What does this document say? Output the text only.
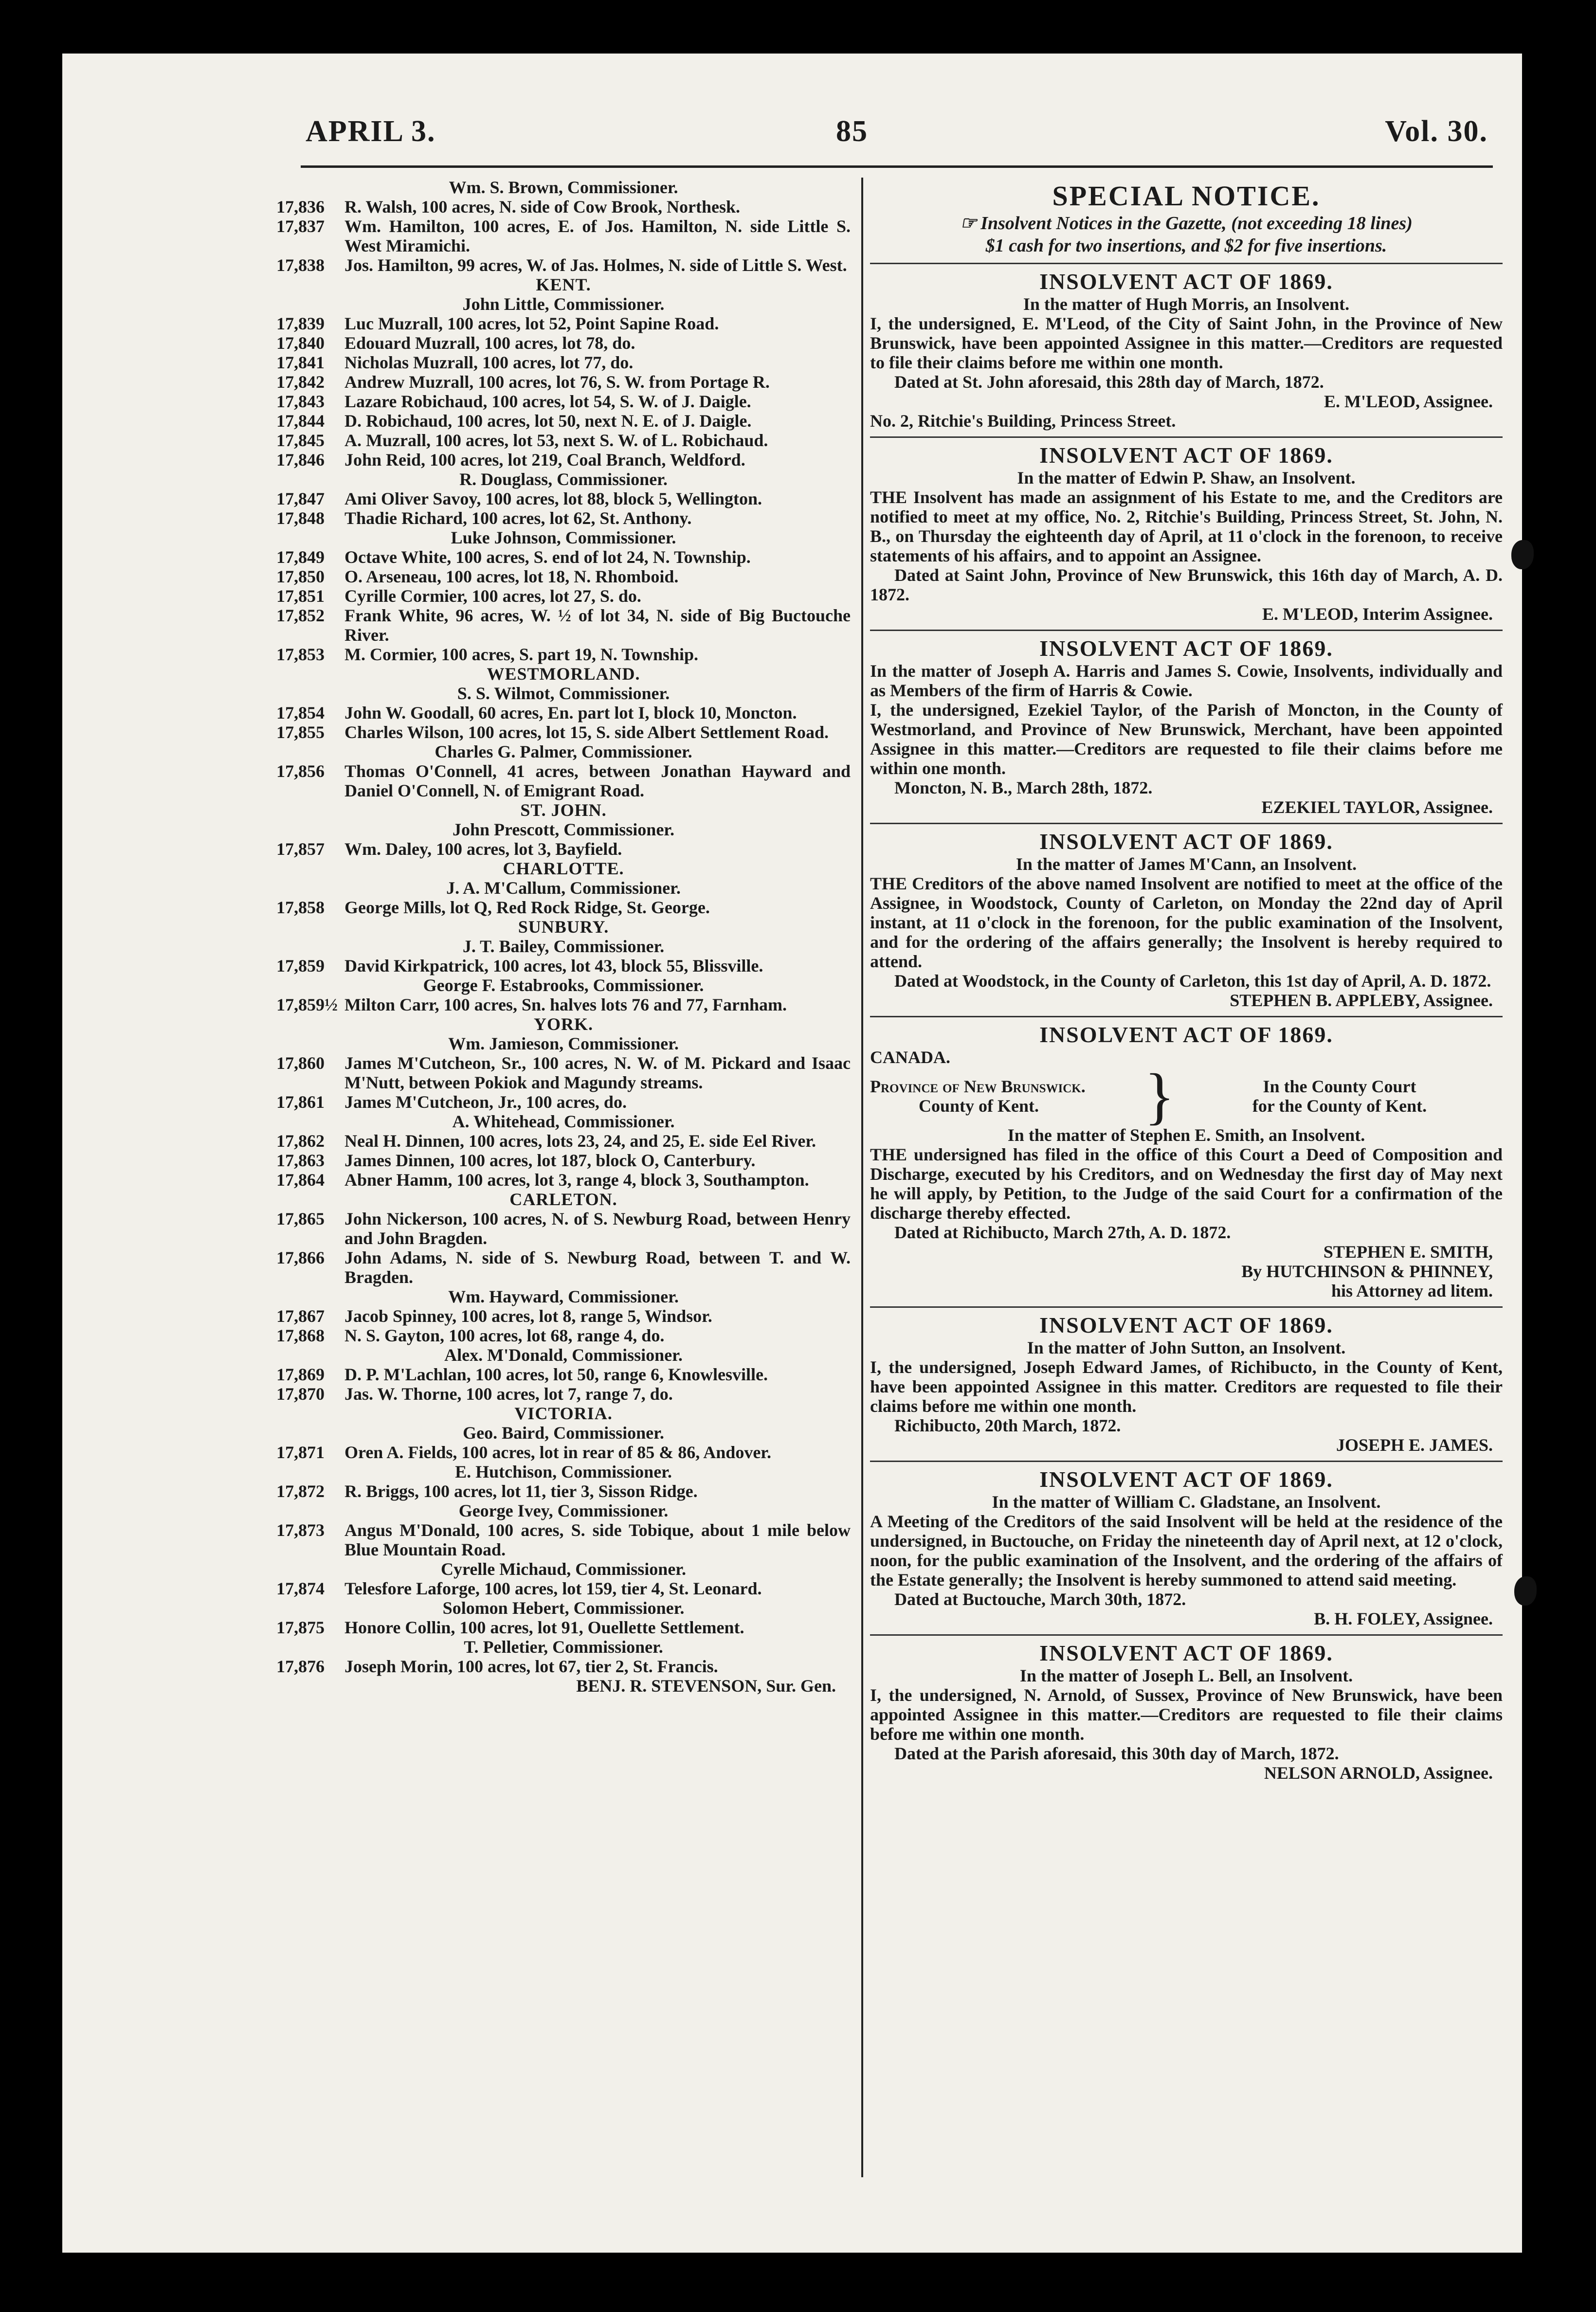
APRIL 3.	85	Vol. 30.
Wm. S. Brown, Commissioner.
17,836	R. Walsh, 100 acres, N. side of Cow Brook, Northesk.
17,837	Wm. Hamilton, 100 acres, E. of Jos. Hamilton, N. side Little S. West Miramichi.
17,838	Jos. Hamilton, 99 acres, W. of Jas. Holmes, N. side of Little S. West.
KENT.
John Little, Commissioner.
17,839	Luc Muzrall, 100 acres, lot 52, Point Sapine Road.
17,840	Edouard Muzrall, 100 acres, lot 78, do.
17,841	Nicholas Muzrall, 100 acres, lot 77, do.
17,842	Andrew Muzrall, 100 acres, lot 76, S. W. from Portage R.
17,843	Lazare Robichaud, 100 acres, lot 54, S. W. of J. Daigle.
17,844	D. Robichaud, 100 acres, lot 50, next N. E. of J. Daigle.
17,845	A. Muzrall, 100 acres, lot 53, next S. W. of L. Robichaud.
17,846	John Reid, 100 acres, lot 219, Coal Branch, Weldford.
R. Douglass, Commissioner.
17,847	Ami Oliver Savoy, 100 acres, lot 88, block 5, Wellington.
17,848	Thadie Richard, 100 acres, lot 62, St. Anthony.
Luke Johnson, Commissioner.
17,849	Octave White, 100 acres, S. end of lot 24, N. Township.
17,850	O. Arseneau, 100 acres, lot 18, N. Rhomboid.
17,851	Cyrille Cormier, 100 acres, lot 27, S. do.
17,852	Frank White, 96 acres, W. ½ of lot 34, N. side of Big Buctouche River.
17,853	M. Cormier, 100 acres, S. part 19, N. Township.
WESTMORLAND.
S. S. Wilmot, Commissioner.
17,854	John W. Goodall, 60 acres, En. part lot I, block 10, Moncton.
17,855	Charles Wilson, 100 acres, lot 15, S. side Albert Settlement Road.
Charles G. Palmer, Commissioner.
17,856	Thomas O'Connell, 41 acres, between Jonathan Hayward and Daniel O'Connell, N. of Emigrant Road.
ST. JOHN.
John Prescott, Commissioner.
17,857	Wm. Daley, 100 acres, lot 3, Bayfield.
CHARLOTTE.
J. A. M'Callum, Commissioner.
17,858	George Mills, lot Q, Red Rock Ridge, St. George.
SUNBURY.
J. T. Bailey, Commissioner.
17,859	David Kirkpatrick, 100 acres, lot 43, block 55, Blissville.
George F. Estabrooks, Commissioner.
17,859½ Milton Carr, 100 acres, Sn. halves lots 76 and 77, Farnham.
YORK.
Wm. Jamieson, Commissioner.
17,860	James M'Cutcheon, Sr., 100 acres, N. W. of M. Pickard and Isaac M'Nutt, between Pokiok and Magundy streams.
17,861	James M'Cutcheon, Jr., 100 acres, do.
A. Whitehead, Commissioner.
17,862	Neal H. Dinnen, 100 acres, lots 23, 24, and 25, E. side Eel River.
17,863	James Dinnen, 100 acres, lot 187, block O, Canterbury.
17,864	Abner Hamm, 100 acres, lot 3, range 4, block 3, Southampton.
CARLETON.
17,865	John Nickerson, 100 acres, N. of S. Newburg Road, between Henry and John Bragden.
17,866	John Adams, N. side of S. Newburg Road, between T. and W. Bragden.
Wm. Hayward, Commissioner.
17,867	Jacob Spinney, 100 acres, lot 8, range 5, Windsor.
17,868	N. S. Gayton, 100 acres, lot 68, range 4, do.
Alex. M'Donald, Commissioner.
17,869	D. P. M'Lachlan, 100 acres, lot 50, range 6, Knowlesville.
17,870	Jas. W. Thorne, 100 acres, lot 7, range 7, do.
VICTORIA.
Geo. Baird, Commissioner.
17,871	Oren A. Fields, 100 acres, lot in rear of 85 & 86, Andover.
E. Hutchison, Commissioner.
17,872	R. Briggs, 100 acres, lot 11, tier 3, Sisson Ridge.
George Ivey, Commissioner.
17,873	Angus M'Donald, 100 acres, S. side Tobique, about 1 mile below Blue Mountain Road.
Cyrelle Michaud, Commissioner.
17,874	Telesfore Laforge, 100 acres, lot 159, tier 4, St. Leonard.
Solomon Hebert, Commissioner.
17,875	Honore Collin, 100 acres, lot 91, Ouellette Settlement.
T. Pelletier, Commissioner.
17,876	Joseph Morin, 100 acres, lot 67, tier 2, St. Francis.
BENJ. R. STEVENSON, Sur. Gen.
SPECIAL NOTICE.
☞ Insolvent Notices in the Gazette, (not exceeding 18 lines)
$1 cash for two insertions, and $2 for five insertions.
INSOLVENT ACT OF 1869.
In the matter of Hugh Morris, an Insolvent.
I, the undersigned, E. M'Leod, of the City of Saint John, in the Province of New Brunswick, have been appointed Assignee in this matter.—Creditors are requested to file their claims before me within one month.
Dated at St. John aforesaid, this 28th day of March, 1872.
E. M'LEOD, Assignee.
No. 2, Ritchie's Building, Princess Street.
INSOLVENT ACT OF 1869.
In the matter of Edwin P. Shaw, an Insolvent.
THE Insolvent has made an assignment of his Estate to me, and the Creditors are notified to meet at my office, No. 2, Ritchie's Building, Princess Street, St. John, N. B., on Thursday the eighteenth day of April, at 11 o'clock in the forenoon, to receive statements of his affairs, and to appoint an Assignee.
Dated at Saint John, Province of New Brunswick, this 16th day of March, A. D. 1872.
E. M'LEOD, Interim Assignee.
INSOLVENT ACT OF 1869.
In the matter of Joseph A. Harris and James S. Cowie, Insolvents, individually and as Members of the firm of Harris & Cowie.
I, the undersigned, Ezekiel Taylor, of the Parish of Moncton, in the County of Westmorland, and Province of New Brunswick, Merchant, have been appointed Assignee in this matter.—Creditors are requested to file their claims before me within one month.
Moncton, N. B., March 28th, 1872.
EZEKIEL TAYLOR, Assignee.
INSOLVENT ACT OF 1869.
In the matter of James M'Cann, an Insolvent.
THE Creditors of the above named Insolvent are notified to meet at the office of the Assignee, in Woodstock, County of Carleton, on Monday the 22nd day of April instant, at 11 o'clock in the forenoon, for the public examination of the Insolvent, and for the ordering of the affairs generally; the Insolvent is hereby required to attend.
Dated at Woodstock, in the County of Carleton, this 1st day of April, A. D. 1872.
STEPHEN B. APPLEBY, Assignee.
INSOLVENT ACT OF 1869.
CANADA.
Province of New Brunswick.
County of Kent.	}	In the County Court
for the County of Kent.
In the matter of Stephen E. Smith, an Insolvent.
THE undersigned has filed in the office of this Court a Deed of Composition and Discharge, executed by his Creditors, and on Wednesday the first day of May next he will apply, by Petition, to the Judge of the said Court for a confirmation of the discharge thereby effected.
Dated at Richibucto, March 27th, A. D. 1872.
STEPHEN E. SMITH,
By HUTCHINSON & PHINNEY,
his Attorney ad litem.
INSOLVENT ACT OF 1869.
In the matter of John Sutton, an Insolvent.
I, the undersigned, Joseph Edward James, of Richibucto, in the County of Kent, have been appointed Assignee in this matter. Creditors are requested to file their claims before me within one month.
Richibucto, 20th March, 1872.
JOSEPH E. JAMES.
INSOLVENT ACT OF 1869.
In the matter of William C. Gladstane, an Insolvent.
A Meeting of the Creditors of the said Insolvent will be held at the residence of the undersigned, in Buctouche, on Friday the nineteenth day of April next, at 12 o'clock, noon, for the public examination of the Insolvent, and the ordering of the affairs of the Estate generally; the Insolvent is hereby summoned to attend said meeting.
Dated at Buctouche, March 30th, 1872.
B. H. FOLEY, Assignee.
INSOLVENT ACT OF 1869.
In the matter of Joseph L. Bell, an Insolvent.
I, the undersigned, N. Arnold, of Sussex, Province of New Brunswick, have been appointed Assignee in this matter.—Creditors are requested to file their claims before me within one month.
Dated at the Parish aforesaid, this 30th day of March, 1872.
NELSON ARNOLD, Assignee.
